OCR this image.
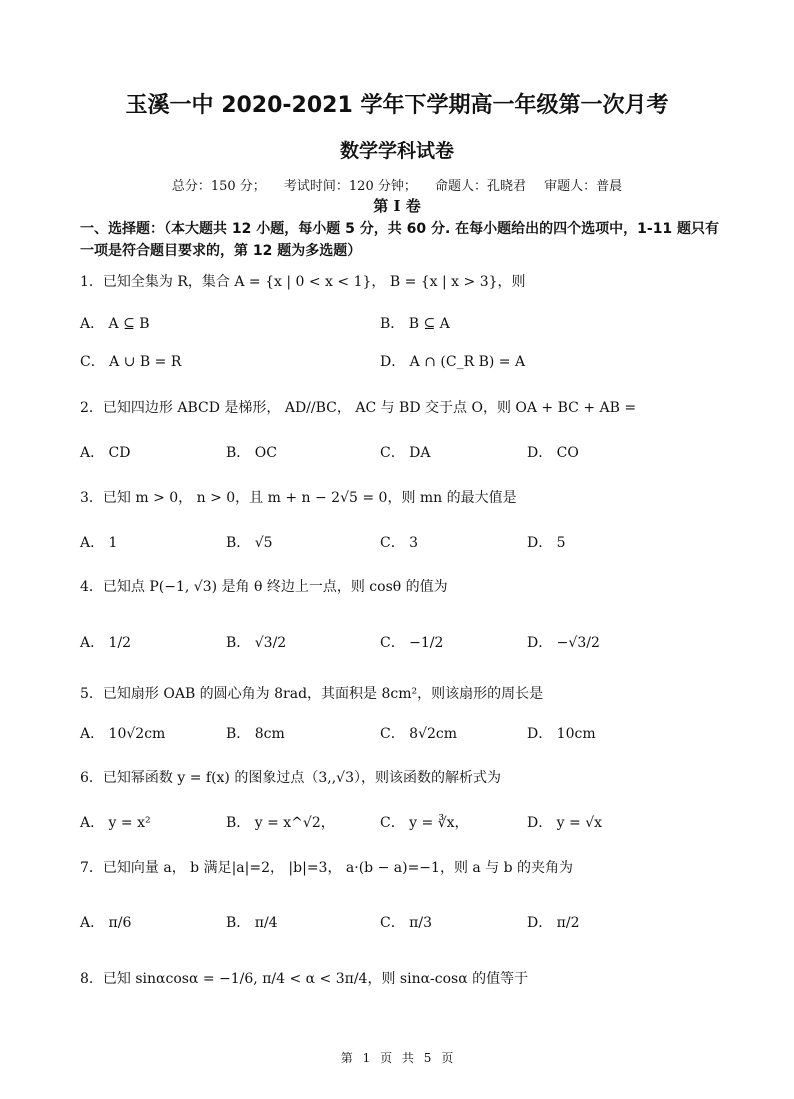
玉溪一中 2020-2021 学年下学期高一年级第一次月考
数学学科试卷
总分：150 分； 考试时间：120 分钟； 命题人：孔晓君 审题人：普晨
第 I 卷
一、选择题：（本大题共 12 小题，每小题 5 分，共 60 分. 在每小题给出的四个选项中，1-11 题只有一项是符合题目要求的，第 12 题为多选题）
1．已知全集为 R，集合 A = {x | 0 < x < 1}， B = {x | x > 3}，则
A． A ⊆ B	B． B ⊆ A
C． A ∪ B = R	D． A ∩ (C_R B) = A
2．已知四边形 ABCD 是梯形， AD//BC， AC 与 BD 交于点 O，则 OA + BC + AB =
A． CD	B． OC	C． DA	D． CO
3．已知 m > 0， n > 0，且 m + n − 2√5 = 0，则 mn 的最大值是
A． 1	B． √5	C． 3	D． 5
4．已知点 P(−1, √3) 是角 θ 终边上一点，则 cosθ 的值为
A． 1/2	B． √3/2	C． −1/2	D． −√3/2
5．已知扇形 OAB 的圆心角为 8rad，其面积是 8cm²，则该扇形的周长是
A． 10√2cm	B． 8cm	C． 8√2cm	D． 10cm
6．已知幂函数 y = f(x) 的图象过点（3,,√3），则该函数的解析式为
A． y = x²	B． y = x^√2，	C． y = ∛x，	D． y = √x
7．已知向量 a， b 满足|a|=2， |b|=3， a·(b − a)=−1，则 a 与 b 的夹角为
A． π/6	B． π/4	C． π/3	D． π/2
8．已知 sinαcosα = −1/6, π/4 < α < 3π/4，则 sinα-cosα 的值等于
第 1 页 共 5 页
